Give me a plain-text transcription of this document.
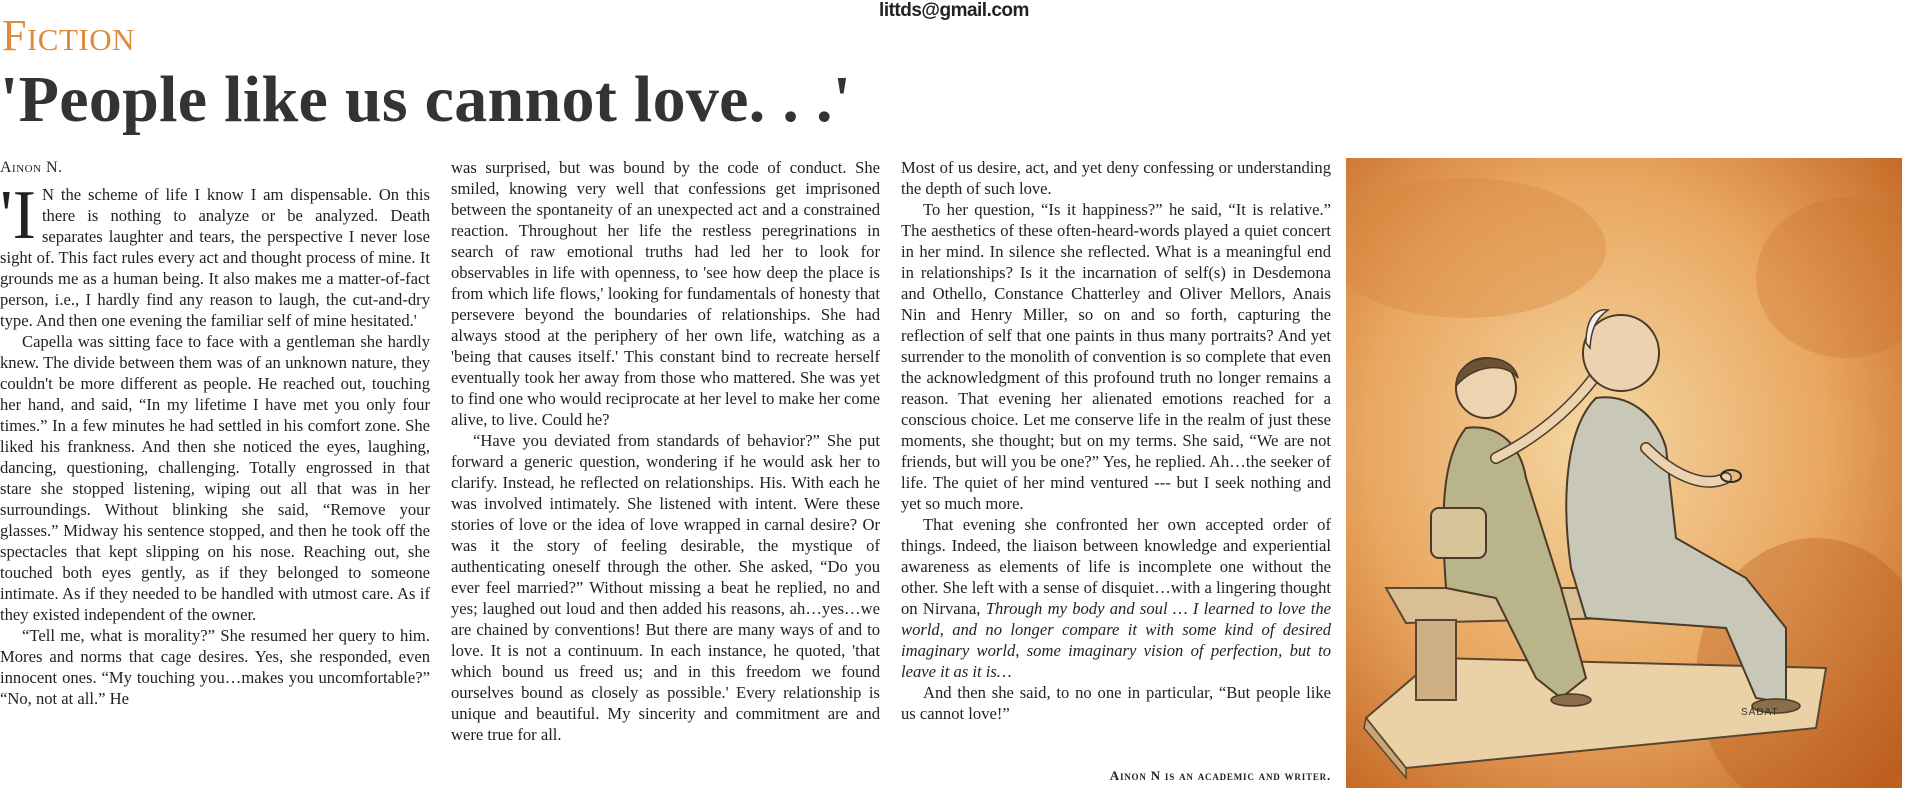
littds@gmail.com
Fiction
'People like us cannot love. . .'
Ainon N.

'I N the scheme of life I know I am dispensable. On this there is nothing to analyze or be analyzed. Death separates laughter and tears, the perspective I never lose sight of. This fact rules every act and thought process of mine. It grounds me as a human being. It also makes me a matter-of-fact person, i.e., I hardly find any reason to laugh, the cut-and-dry type. And then one evening the familiar self of mine hesitated.'

Capella was sitting face to face with a gentleman she hardly knew. The divide between them was of an unknown nature, they couldn't be more different as people. He reached out, touching her hand, and said, “In my lifetime I have met you only four times.” In a few minutes he had settled in his comfort zone. She liked his frankness. And then she noticed the eyes, laughing, dancing, questioning, challenging. Totally engrossed in that stare she stopped listening, wiping out all that was in her surroundings. Without blinking she said, “Remove your glasses.” Midway his sentence stopped, and then he took off the spectacles that kept slipping on his nose. Reaching out, she touched both eyes gently, as if they belonged to someone intimate. As if they needed to be handled with utmost care. As if they existed independent of the owner.

“Tell me, what is morality?” She resumed her query to him. Mores and norms that cage desires. Yes, she responded, even innocent ones. “My touching you…makes you uncomfortable?” “No, not at all.” He

was surprised, but was bound by the code of conduct. She smiled, knowing very well that confessions get imprisoned between the spontaneity of an unexpected act and a constrained reaction. Throughout her life the restless peregrinations in search of raw emotional truths had led her to look for observables in life with openness, to 'see how deep the place is from which life flows,' looking for fundamentals of honesty that persevere beyond the boundaries of relationships. She had always stood at the periphery of her own life, watching as a 'being that causes itself.' This constant bind to recreate herself eventually took her away from those who mattered. She was yet to find one who would reciprocate at her level to make her come alive, to live. Could he?

“Have you deviated from standards of behavior?” She put forward a generic question, wondering if he would ask her to clarify. Instead, he reflected on relationships. His. With each he was involved intimately. She listened with intent. Were these stories of love or the idea of love wrapped in carnal desire? Or was it the story of feeling desirable, the mystique of authenticating oneself through the other. She asked, “Do you ever feel married?” Without missing a beat he replied, no and yes; laughed out loud and then added his reasons, ah…yes…we are chained by conventions! But there are many ways of and to love. It is not a continuum. In each instance, he quoted, 'that which bound us freed us; and in this freedom we found ourselves bound as closely as possible.' Every relationship is unique and beautiful. My sincerity and commitment are and were true for all.

Most of us desire, act, and yet deny confessing or understanding the depth of such love.

To her question, “Is it happiness?” he said, “It is relative.” The aesthetics of these often-heard-words played a quiet concert in her mind. In silence she reflected. What is a meaningful end in relationships? Is it the incarnation of self(s) in Desdemona and Othello, Constance Chatterley and Oliver Mellors, Anais Nin and Henry Miller, so on and so forth, capturing the reflection of self that one paints in thus many portraits? And yet surrender to the monolith of convention is so complete that even the acknowledgment of this profound truth no longer remains a reason. That evening her alienated emotions reached for a conscious choice. Let me conserve life in the realm of just these moments, she thought; but on my terms. She said, “We are not friends, but will you be one?” Yes, he replied. Ah…the seeker of life. The quiet of her mind ventured --- but I seek nothing and yet so much more.

That evening she confronted her own accepted order of things. Indeed, the liaison between knowledge and experiential awareness as elements of life is incomplete one without the other. She left with a sense of disquiet…with a lingering thought on Nirvana, Through my body and soul … I learned to love the world, and no longer compare it with some kind of desired imaginary world, some imaginary vision of perfection, but to leave it as it is…

And then she said, to no one in particular, “But people like us cannot love!”

Ainon N is an academic and writer.
SADAT
